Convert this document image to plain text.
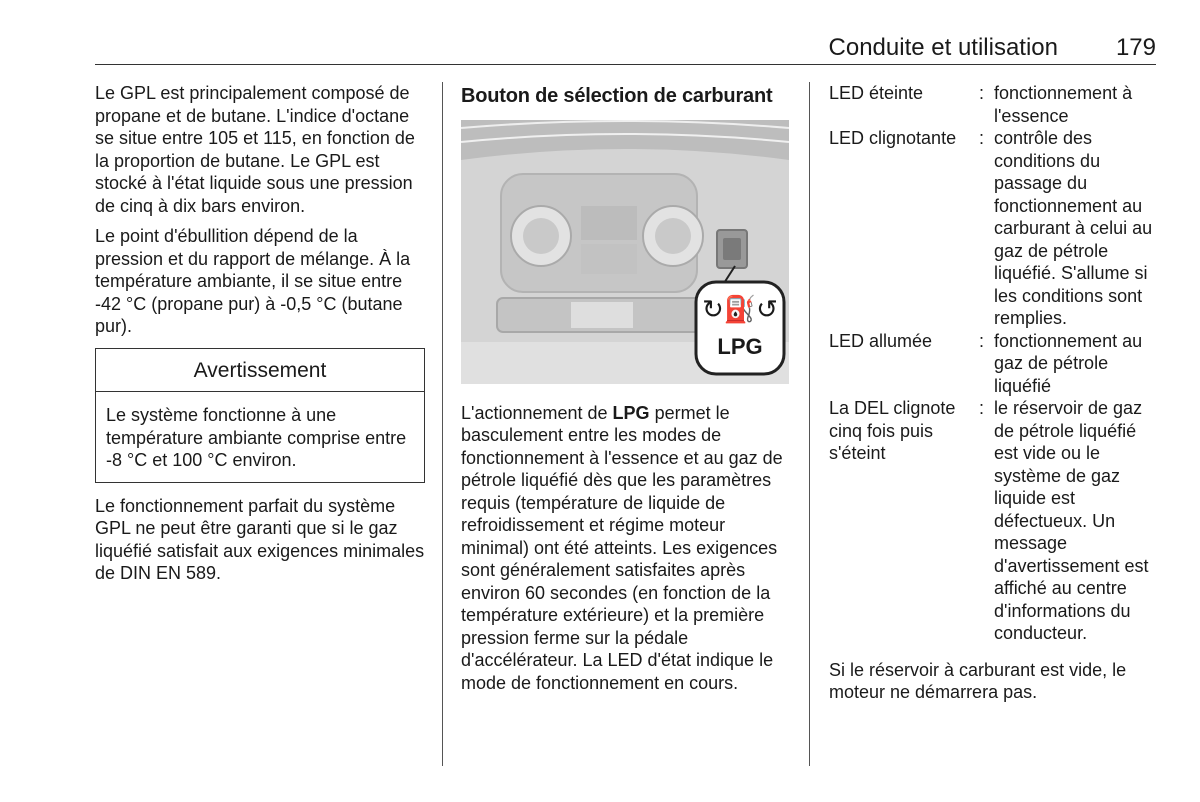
Conduite et utilisation 179

Le GPL est principalement composé de propane et de butane. L'indice d'octane se situe entre 105 et 115, en fonction de la proportion de butane. Le GPL est stocké à l'état liquide sous une pression de cinq à dix bars environ.

Le point d'ébullition dépend de la pression et du rapport de mélange. À la température ambiante, il se situe entre -42 °C (propane pur) à -0,5 °C (butane pur).

Avertissement
Le système fonctionne à une température ambiante comprise entre -8 °C et 100 °C environ.

Le fonctionnement parfait du système GPL ne peut être garanti que si le gaz liquéfié satisfait aux exigences minimales de DIN EN 589.

Bouton de sélection de carburant
↻⛽↺
LPG

L'actionnement de LPG permet le basculement entre les modes de fonctionnement à l'essence et au gaz de pétrole liquéfié dès que les paramètres requis (température de liquide de refroidissement et régime moteur minimal) ont été atteints. Les exigences sont généralement satisfaites après environ 60 secondes (en fonction de la température extérieure) et la première pression ferme sur la pédale d'accélérateur. La LED d'état indique le mode de fonctionnement en cours.

LED éteinte	:	fonctionnement à l'essence
LED clignotante	:	contrôle des conditions du passage du fonctionnement au carburant à celui au gaz de pétrole liquéfié. S'allume si les conditions sont remplies.
LED allumée	:	fonctionnement au gaz de pétrole liquéfié
La DEL clignote cinq fois puis s'éteint	:	le réservoir de gaz de pétrole liquéfié est vide ou le système de gaz liquide est défectueux. Un message d'avertissement est affiché au centre d'informations du conducteur.

Si le réservoir à carburant est vide, le moteur ne démarrera pas.
